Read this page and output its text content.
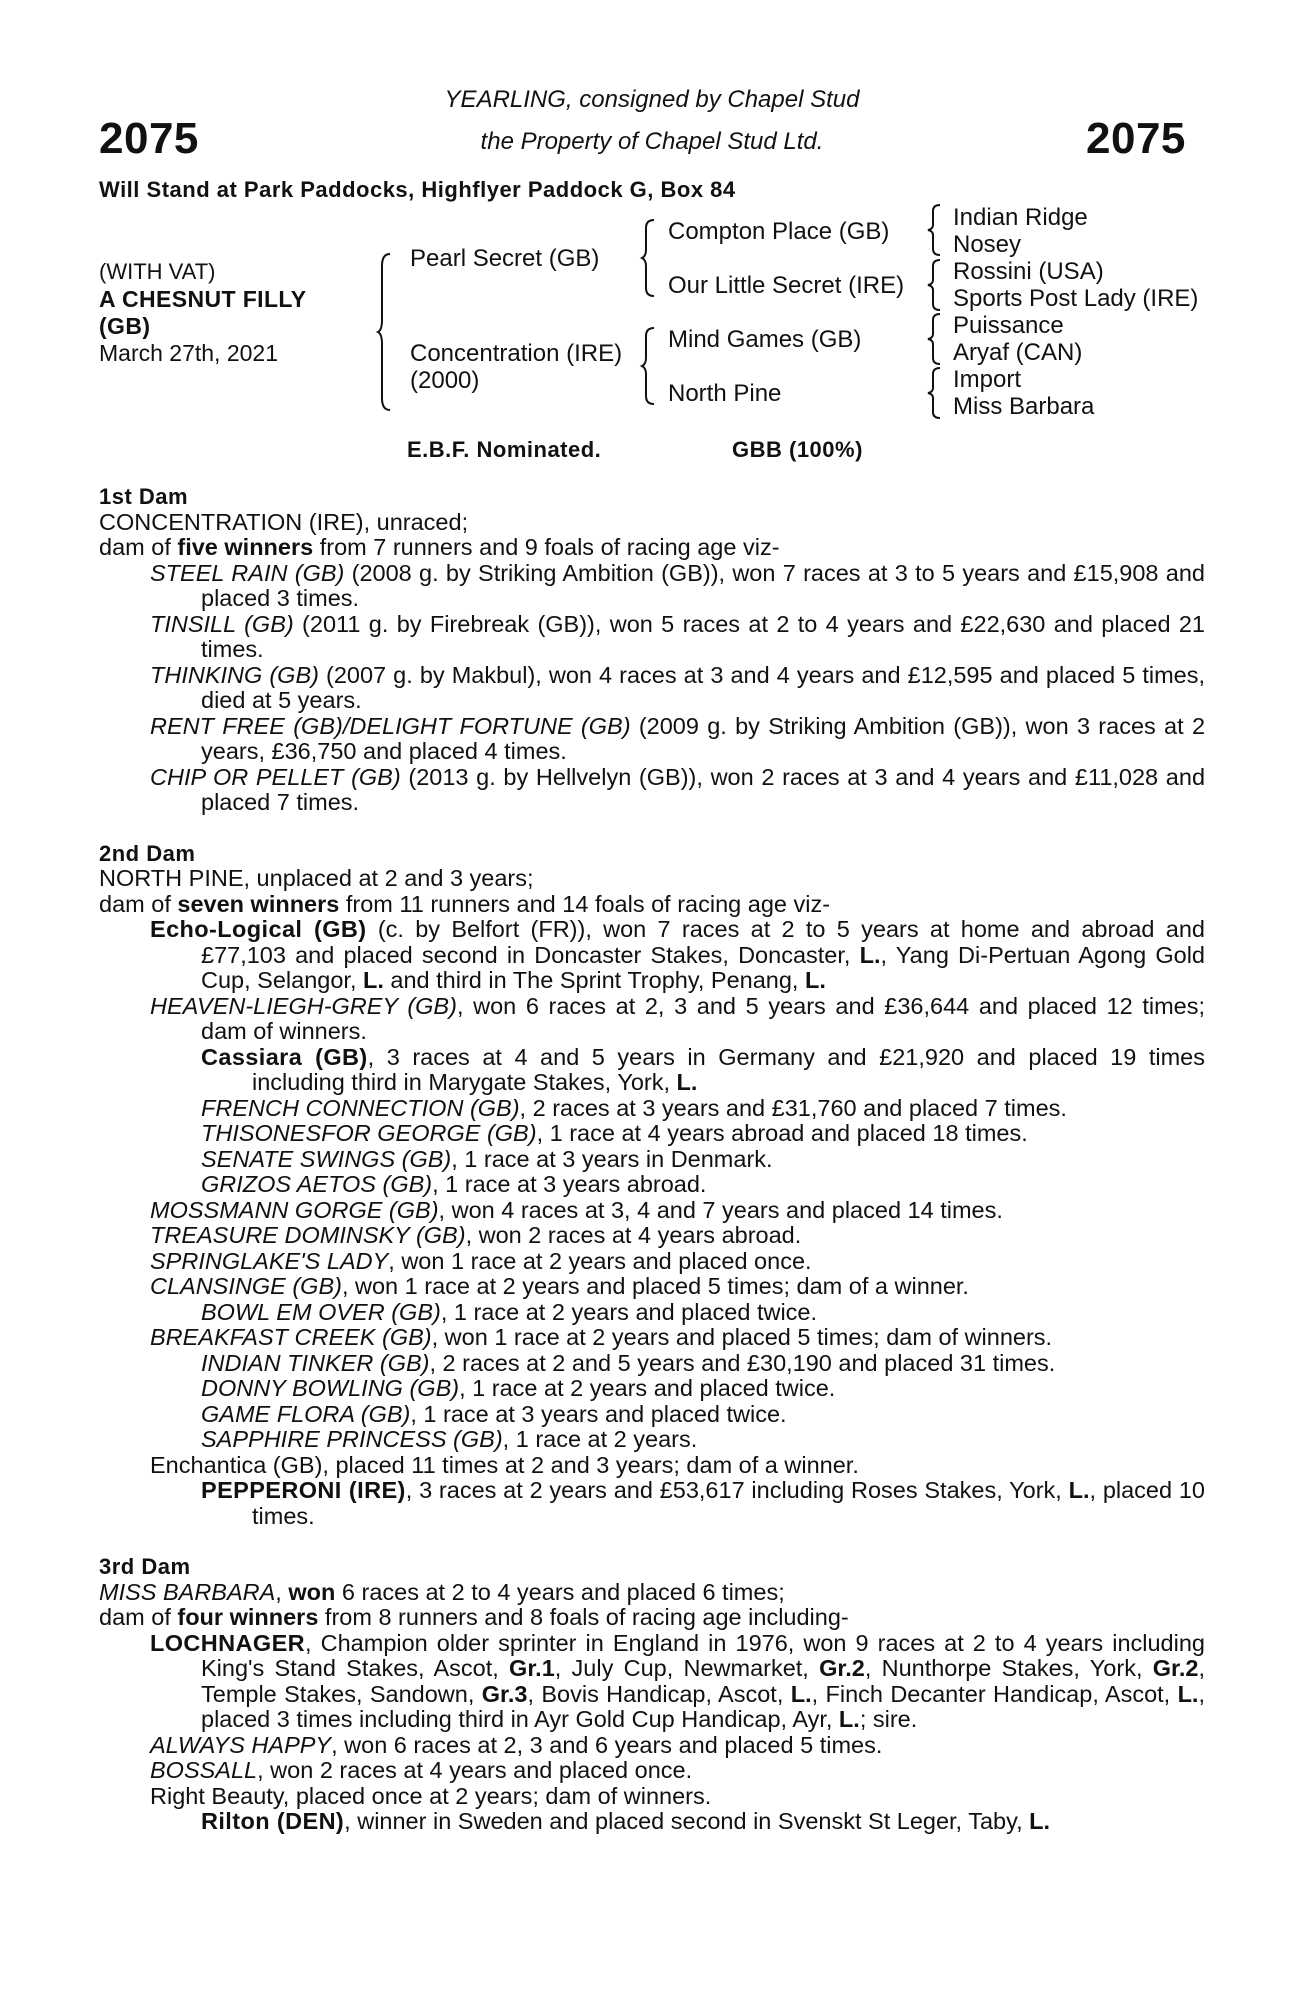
2075	2075
YEARLING, consigned by Chapel Stud
the Property of Chapel Stud Ltd.
Will Stand at Park Paddocks, Highflyer Paddock G, Box 84
(WITH VAT)
A CHESNUT FILLY
(GB)
March 27th, 2021
Pearl Secret (GB)
Concentration (IRE)
(2000)
Compton Place (GB)
Our Little Secret (IRE)
Mind Games (GB)
North Pine
Indian Ridge
Nosey
Rossini (USA)
Sports Post Lady (IRE)
Puissance
Aryaf (CAN)
Import
Miss Barbara
E.B.F. Nominated.	GBB (100%)

1st Dam

CONCENTRATION (IRE), unraced;

dam of five winners from 7 runners and 9 foals of racing age viz-

STEEL RAIN (GB) (2008 g. by Striking Ambition (GB)), won 7 races at 3 to 5 years and £15,908 and placed 3 times.

TINSILL (GB) (2011 g. by Firebreak (GB)), won 5 races at 2 to 4 years and £22,630 and placed 21 times.

THINKING (GB) (2007 g. by Makbul), won 4 races at 3 and 4 years and £12,595 and placed 5 times, died at 5 years.

RENT FREE (GB)/DELIGHT FORTUNE (GB) (2009 g. by Striking Ambition (GB)), won 3 races at 2 years, £36,750 and placed 4 times.

CHIP OR PELLET (GB) (2013 g. by Hellvelyn (GB)), won 2 races at 3 and 4 years and £11,028 and placed 7 times.

2nd Dam

NORTH PINE, unplaced at 2 and 3 years;

dam of seven winners from 11 runners and 14 foals of racing age viz-

Echo-Logical (GB) (c. by Belfort (FR)), won 7 races at 2 to 5 years at home and abroad and £77,103 and placed second in Doncaster Stakes, Doncaster, L., Yang Di-Pertuan Agong Gold Cup, Selangor, L. and third in The Sprint Trophy, Penang, L.

HEAVEN-LIEGH-GREY (GB), won 6 races at 2, 3 and 5 years and £36,644 and placed 12 times; dam of winners.

Cassiara (GB), 3 races at 4 and 5 years in Germany and £21,920 and placed 19 times including third in Marygate Stakes, York, L.

FRENCH CONNECTION (GB), 2 races at 3 years and £31,760 and placed 7 times.

THISONESFOR GEORGE (GB), 1 race at 4 years abroad and placed 18 times.

SENATE SWINGS (GB), 1 race at 3 years in Denmark.

GRIZOS AETOS (GB), 1 race at 3 years abroad.

MOSSMANN GORGE (GB), won 4 races at 3, 4 and 7 years and placed 14 times.

TREASURE DOMINSKY (GB), won 2 races at 4 years abroad.

SPRINGLAKE'S LADY, won 1 race at 2 years and placed once.

CLANSINGE (GB), won 1 race at 2 years and placed 5 times; dam of a winner.

BOWL EM OVER (GB), 1 race at 2 years and placed twice.

BREAKFAST CREEK (GB), won 1 race at 2 years and placed 5 times; dam of winners.

INDIAN TINKER (GB), 2 races at 2 and 5 years and £30,190 and placed 31 times.

DONNY BOWLING (GB), 1 race at 2 years and placed twice.

GAME FLORA (GB), 1 race at 3 years and placed twice.

SAPPHIRE PRINCESS (GB), 1 race at 2 years.

Enchantica (GB), placed 11 times at 2 and 3 years; dam of a winner.

PEPPERONI (IRE), 3 races at 2 years and £53,617 including Roses Stakes, York, L., placed 10 times.

3rd Dam

MISS BARBARA, won 6 races at 2 to 4 years and placed 6 times;

dam of four winners from 8 runners and 8 foals of racing age including-

LOCHNAGER, Champion older sprinter in England in 1976, won 9 races at 2 to 4 years including King's Stand Stakes, Ascot, Gr.1, July Cup, Newmarket, Gr.2, Nunthorpe Stakes, York, Gr.2, Temple Stakes, Sandown, Gr.3, Bovis Handicap, Ascot, L., Finch Decanter Handicap, Ascot, L., placed 3 times including third in Ayr Gold Cup Handicap, Ayr, L.; sire.

ALWAYS HAPPY, won 6 races at 2, 3 and 6 years and placed 5 times.

BOSSALL, won 2 races at 4 years and placed once.

Right Beauty, placed once at 2 years; dam of winners.

Rilton (DEN), winner in Sweden and placed second in Svenskt St Leger, Taby, L.
